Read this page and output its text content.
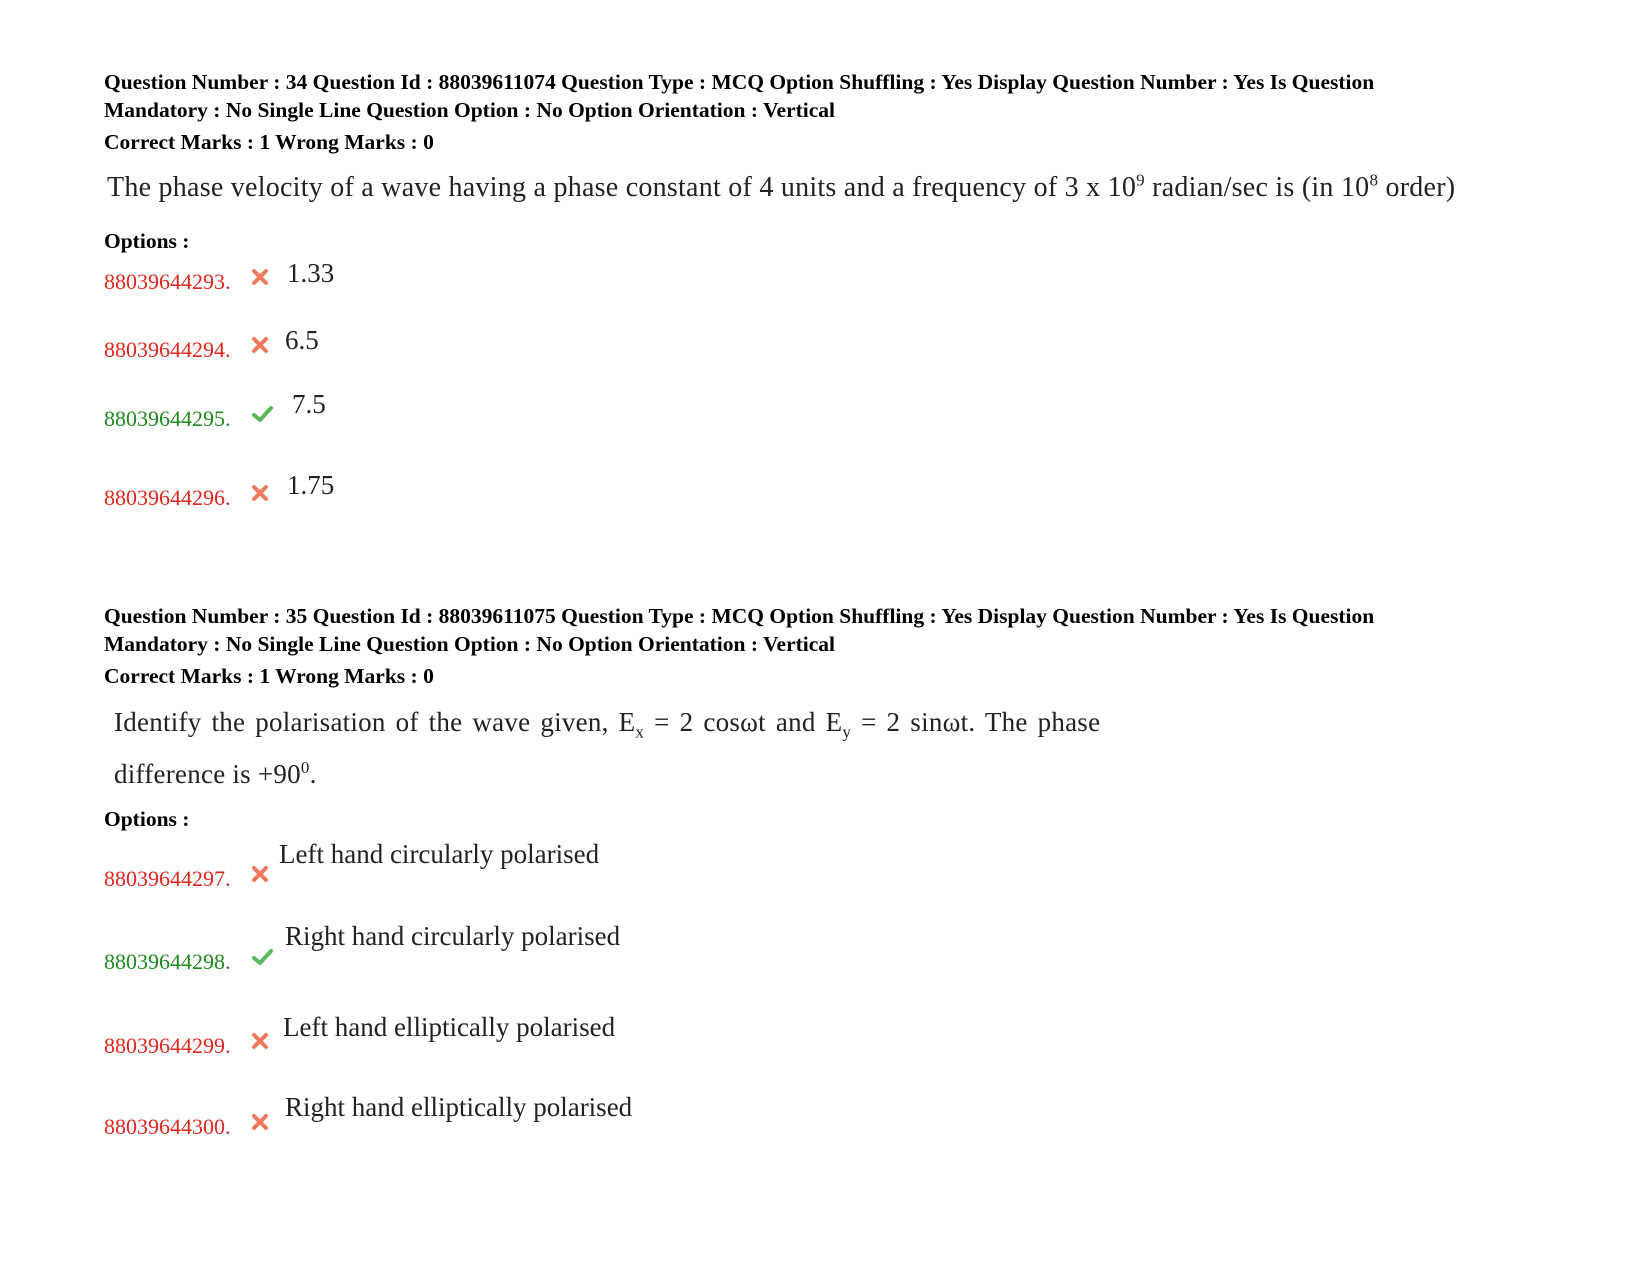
Question Number : 34 Question Id : 88039611074 Question Type : MCQ Option Shuffling : Yes Display Question Number : Yes Is Question
Mandatory : No Single Line Question Option : No Option Orientation : Vertical
Correct Marks : 1 Wrong Marks : 0
The phase velocity of a wave having a phase constant of 4 units and a frequency of 3 x $10^9$ radian/sec is (in $10^8$ order)
Options :
88039644293. 1.33
88039644294. 6.5
88039644295. 7.5
88039644296. 1.75
Question Number : 35 Question Id : 88039611075 Question Type : MCQ Option Shuffling : Yes Display Question Number : Yes Is Question
Mandatory : No Single Line Question Option : No Option Orientation : Vertical
Correct Marks : 1 Wrong Marks : 0
Identify the polarisation of the wave given, $E_x = 2$ cosωt and $E_y = 2$ sinωt. The phase
difference is $+90^0$.
Options :
88039644297.
Left hand circularly polarised
88039644298.
Right hand circularly polarised
88039644299.
Left hand elliptically polarised
88039644300.
Right hand elliptically polarised
